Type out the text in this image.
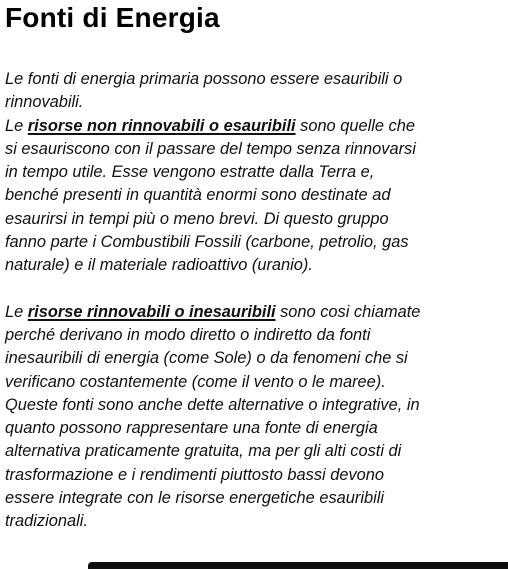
Fonti di Energia
Le fonti di energia primaria possono essere esauribili o
rinnovabili.
Le risorse non rinnovabili o esauribili sono quelle che
si esauriscono con il passare del tempo senza rinnovarsi
in tempo utile. Esse vengono estratte dalla Terra e,
benché presenti in quantità enormi sono destinate ad
esaurirsi in tempi più o meno brevi. Di questo gruppo
fanno parte i Combustibili Fossili (carbone, petrolio, gas
naturale) e il materiale radioattivo (uranio).
Le risorse rinnovabili o inesauribili sono cosi chiamate
perché derivano in modo diretto o indiretto da fonti
inesauribili di energia (come Sole) o da fenomeni che si
verificano costantemente (come il vento o le maree).
Queste fonti sono anche dette alternative o integrative, in
quanto possono rappresentare una fonte di energia
alternativa praticamente gratuita, ma per gli alti costi di
trasformazione e i rendimenti piuttosto bassi devono
essere integrate con le risorse energetiche esauribili
tradizionali.
